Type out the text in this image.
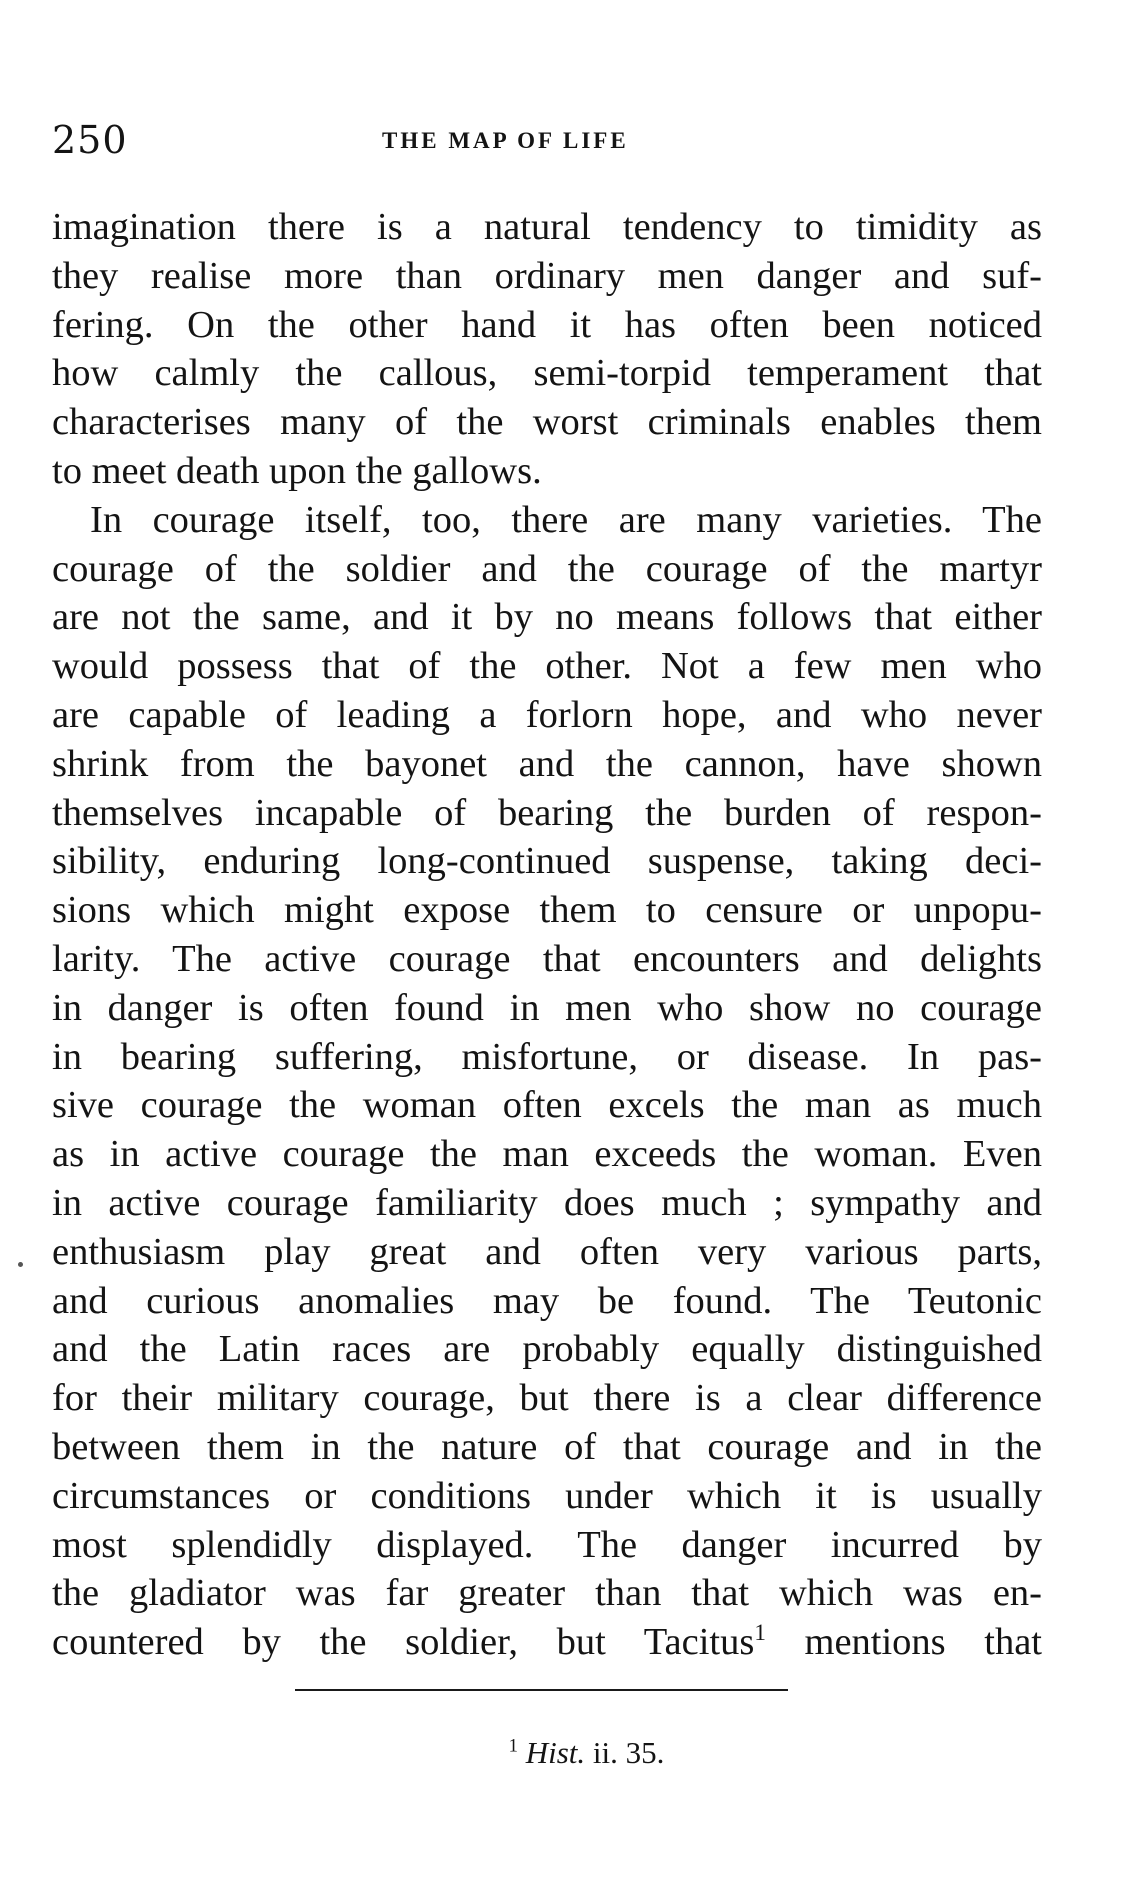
250	THE MAP OF LIFE
imagination there is a natural tendency to timidity as
they realise more than ordinary men danger and suf-
fering. On the other hand it has often been noticed
how calmly the callous, semi-torpid temperament that
characterises many of the worst criminals enables them
to meet death upon the gallows.
In courage itself, too, there are many varieties. The
courage of the soldier and the courage of the martyr
are not the same, and it by no means follows that either
would possess that of the other. Not a few men who
are capable of leading a forlorn hope, and who never
shrink from the bayonet and the cannon, have shown
themselves incapable of bearing the burden of respon-
sibility, enduring long-continued suspense, taking deci-
sions which might expose them to censure or unpopu-
larity. The active courage that encounters and delights
in danger is often found in men who show no courage
in bearing suffering, misfortune, or disease. In pas-
sive courage the woman often excels the man as much
as in active courage the man exceeds the woman. Even
in active courage familiarity does much ; sympathy and
enthusiasm play great and often very various parts,
and curious anomalies may be found. The Teutonic
and the Latin races are probably equally distinguished
for their military courage, but there is a clear difference
between them in the nature of that courage and in the
circumstances or conditions under which it is usually
most splendidly displayed. The danger incurred by
the gladiator was far greater than that which was en-
countered by the soldier, but Tacitus$^1$ mentions that
$^1$ Hist. ii. 35.
